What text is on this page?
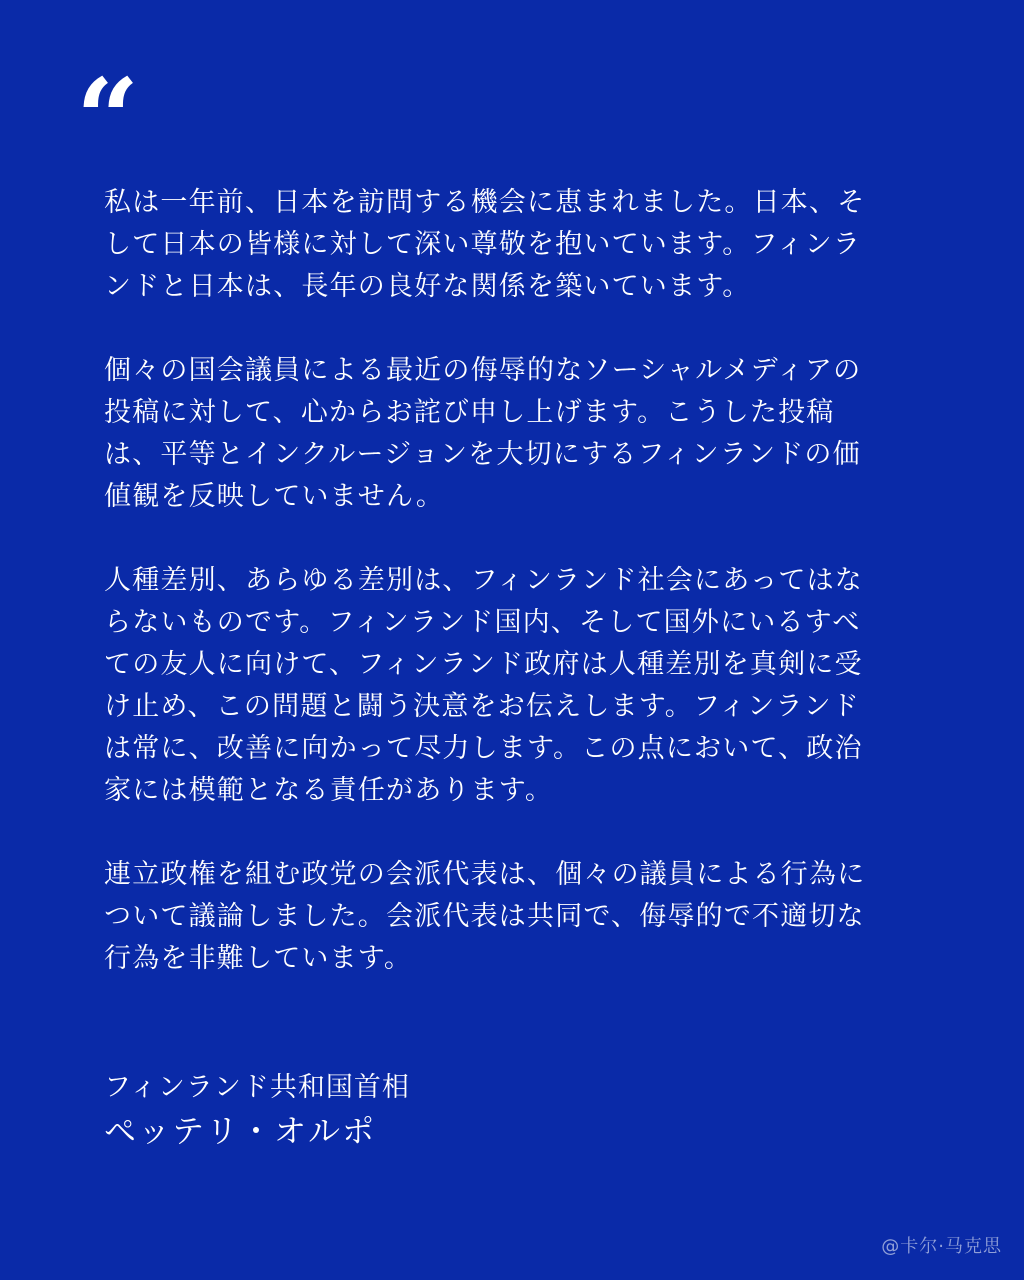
“

私は一年前、日本を訪問する機会に恵まれました。日本、そ
して日本の皆様に対して深い尊敬を抱いています。フィンラ
ンドと日本は、長年の良好な関係を築いています。

個々の国会議員による最近の侮辱的なソーシャルメディアの
投稿に対して、心からお詫び申し上げます。こうした投稿
は、平等とインクルージョンを大切にするフィンランドの価
値観を反映していません。

人種差別、あらゆる差別は、フィンランド社会にあってはな
らないものです。フィンランド国内、そして国外にいるすべ
ての友人に向けて、フィンランド政府は人種差別を真剣に受
け止め、この問題と闘う決意をお伝えします。フィンランド
は常に、改善に向かって尽力します。この点において、政治
家には模範となる責任があります。

連立政権を組む政党の会派代表は、個々の議員による行為に
ついて議論しました。会派代表は共同で、侮辱的で不適切な
行為を非難しています。

フィンランド共和国首相
ペッテリ・オルポ
@卡尔·马克思
